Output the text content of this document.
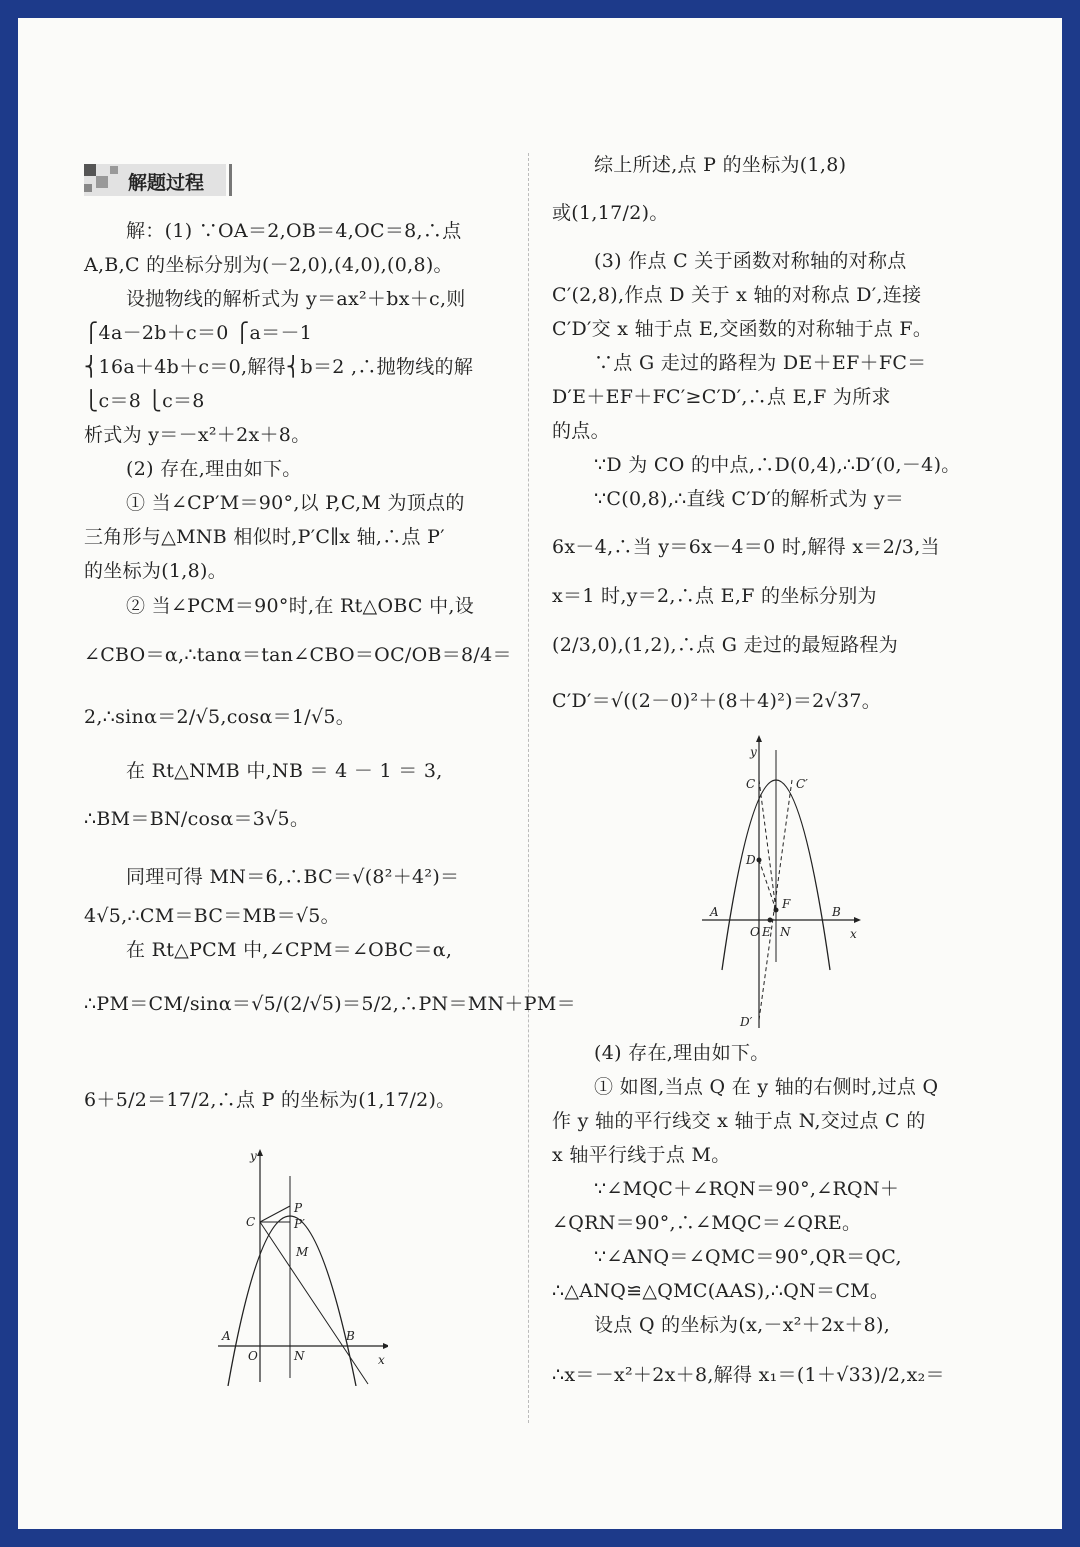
解题过程
解：(1) ∵OA＝2,OB＝4,OC＝8,∴点
A,B,C 的坐标分别为(－2,0),(4,0),(0,8)。
设抛物线的解析式为 y＝ax²＋bx＋c,则
⎧4a－2b＋c＝0 ⎧a＝－1
⎨16a＋4b＋c＝0,解得⎨b＝2 ,∴抛物线的解
⎩c＝8 ⎩c＝8
析式为 y＝－x²＋2x＋8。
(2) 存在,理由如下。
① 当∠CP′M＝90°,以 P,C,M 为顶点的
三角形与△MNB 相似时,P′C∥x 轴,∴点 P′
的坐标为(1,8)。
② 当∠PCM＝90°时,在 Rt△OBC 中,设
∠CBO＝α,∴tanα＝tan∠CBO＝OC/OB＝8/4＝
2,∴sinα＝2/√5,cosα＝1/√5。
在 Rt△NMB 中,NB ＝ 4 － 1 ＝ 3,
∴BM＝BN/cosα＝3√5。
同理可得 MN＝6,∴BC＝√(8²＋4²)＝
4√5,∴CM＝BC＝MB＝√5。
在 Rt△PCM 中,∠CPM＝∠OBC＝α,
∴PM＝CM/sinα＝√5/(2/√5)＝5/2,∴PN＝MN＋PM＝
6＋5/2＝17/2,∴点 P 的坐标为(1,17/2)。
y
x
C
P
P′
M
A
O	N
B
综上所述,点 P 的坐标为(1,8)
或(1,17/2)。
(3) 作点 C 关于函数对称轴的对称点
C′(2,8),作点 D 关于 x 轴的对称点 D′,连接
C′D′交 x 轴于点 E,交函数的对称轴于点 F。
∵点 G 走过的路程为 DE＋EF＋FC＝
D′E＋EF＋FC′≥C′D′,∴点 E,F 为所求
的点。
∵D 为 CO 的中点,∴D(0,4),∴D′(0,－4)。
∵C(0,8),∴直线 C′D′的解析式为 y＝
6x－4,∴当 y＝6x－4＝0 时,解得 x＝2/3,当
x＝1 时,y＝2,∴点 E,F 的坐标分别为
(2/3,0),(1,2),∴点 G 走过的最短路程为
C′D′＝√((2－0)²＋(8＋4)²)＝2√37。
y
x
C	C′
D
F
A
O E N
B
D′
(4) 存在,理由如下。
① 如图,当点 Q 在 y 轴的右侧时,过点 Q
作 y 轴的平行线交 x 轴于点 N,交过点 C 的
x 轴平行线于点 M。
∵∠MQC＋∠RQN＝90°,∠RQN＋
∠QRN＝90°,∴∠MQC＝∠QRE。
∵∠ANQ＝∠QMC＝90°,QR＝QC,
∴△ANQ≌△QMC(AAS),∴QN＝CM。
设点 Q 的坐标为(x,－x²＋2x＋8),
∴x＝－x²＋2x＋8,解得 x₁＝(1＋√33)/2,x₂＝
